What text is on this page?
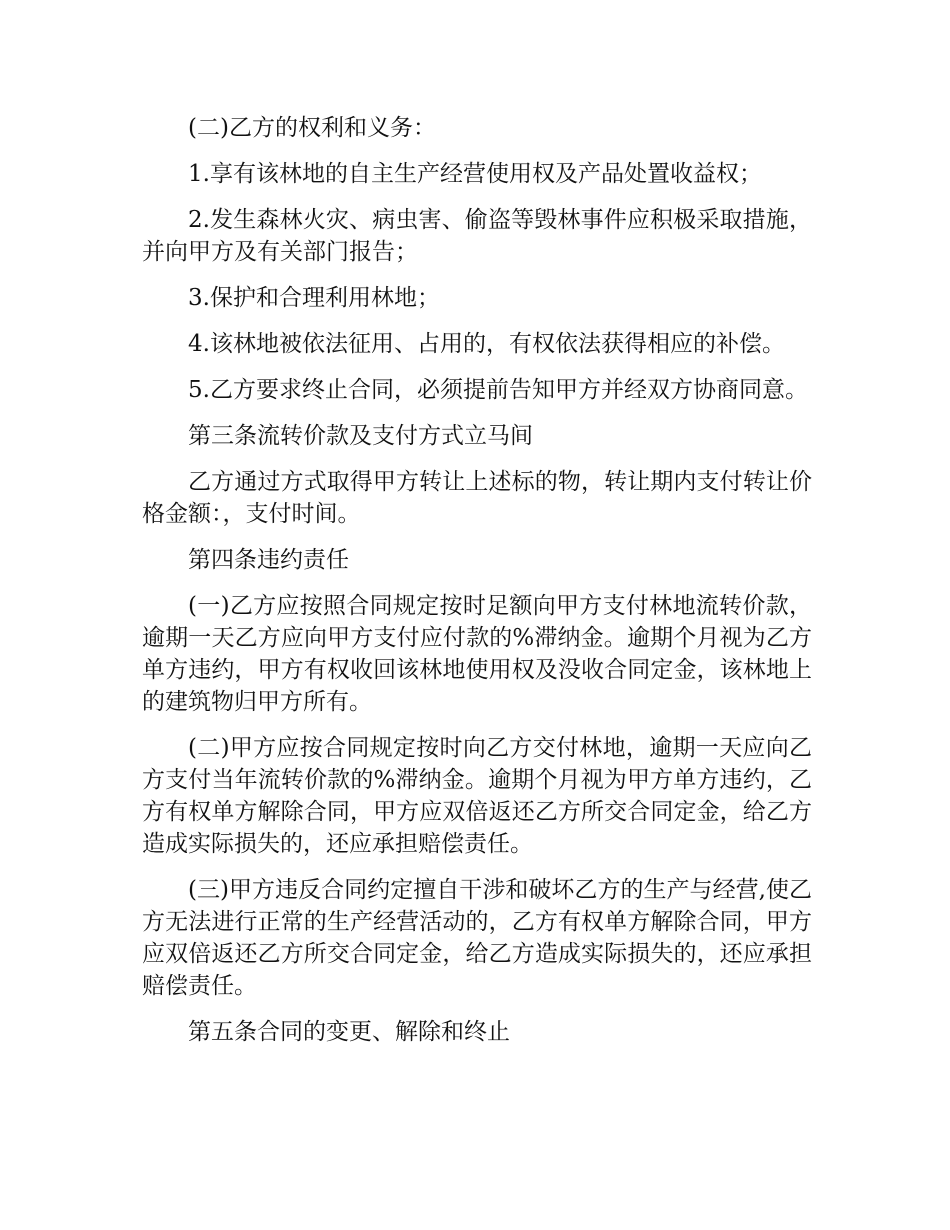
(二)乙方的权利和义务：

1.享有该林地的自主生产经营使用权及产品处置收益权；

2.发生森林火灾、病虫害、偷盗等毁林事件应积极采取措施，并向甲方及有关部门报告；

3.保护和合理利用林地；

4.该林地被依法征用、占用的，有权依法获得相应的补偿。

5.乙方要求终止合同，必须提前告知甲方并经双方协商同意。

第三条流转价款及支付方式立马间

乙方通过方式取得甲方转让上述标的物，转让期内支付转让价格金额：，支付时间。

第四条违约责任

(一)乙方应按照合同规定按时足额向甲方支付林地流转价款，逾期一天乙方应向甲方支付应付款的%滞纳金。逾期个月视为乙方单方违约，甲方有权收回该林地使用权及没收合同定金，该林地上的建筑物归甲方所有。

(二)甲方应按合同规定按时向乙方交付林地，逾期一天应向乙方支付当年流转价款的%滞纳金。逾期个月视为甲方单方违约，乙方有权单方解除合同，甲方应双倍返还乙方所交合同定金，给乙方造成实际损失的，还应承担赔偿责任。

(三)甲方违反合同约定擅自干涉和破坏乙方的生产与经营,使乙方无法进行正常的生产经营活动的，乙方有权单方解除合同，甲方应双倍返还乙方所交合同定金，给乙方造成实际损失的，还应承担赔偿责任。

第五条合同的变更、解除和终止
